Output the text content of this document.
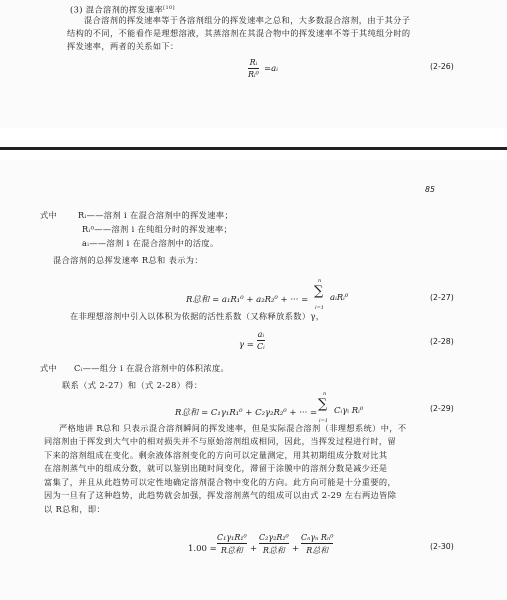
(3) 混合溶剂的挥发速率[10]
混合溶剂的挥发速率等于各溶剂组分的挥发速率之总和，大多数混合溶剂，由于其分子
结构的不同，不能看作是理想溶液，其蒸溶剂在其混合物中的挥发速率不等于其纯组分时的
挥发速率，两者的关系如下：
Rᵢ
Rᵢ⁰
=aᵢ	(2-26)
85
式中	Rᵢ——溶剂 i 在混合溶剂中的挥发速率；
Rᵢ⁰——溶剂 i 在纯组分时的挥发速率；
aᵢ——溶剂 i 在混合溶剂中的活度。
混合溶剂的总挥发速率 R总和 表示为：
R总和 = a₁R₁⁰ + a₂R₂⁰ + ··· =
n
∑
i=1
aᵢRᵢ⁰	(2-27)
在非理想溶剂中引入以体积为依据的活性系数（又称释放系数）γ，
γ =
aᵢ
Cᵢ
(2-28)
式中 Cᵢ——组分 i 在混合溶剂中的体积浓度。
联系（式 2-27）和（式 2-28）得：
R总和 = C₁γ₁R₁⁰ + C₂γ₂R₂⁰ + ··· =
n
∑
i=1
Cᵢγᵢ Rᵢ⁰	(2-29)
严格地讲 R总和 只表示混合溶剂瞬间的挥发速率，但是实际混合溶剂（非理想系统）中，不
同溶剂由于挥发到大气中的相对损失并不与原始溶剂组成相同，因此，当挥发过程进行时，留
下来的溶剂组成在变化。剩余液体溶剂变化的方向可以定量测定，用其初期组成分数对比其
在溶剂蒸气中的组成分数，就可以鉴别出随时间变化，滞留于涂膜中的溶剂分数是减少还是
富集了，并且从此趋势可以定性地确定溶剂混合物中变化的方向。此方向可能是十分重要的，
因为一旦有了这种趋势，此趋势就会加强，挥发溶剂蒸气的组成可以由式 2-29 左右两边皆除
以 R总和，即：
1.00 =
C₁γ₁R₁⁰
R总和 +
C₂γ₂R₂⁰
R总和 +
Cₙγₙ Rₙ⁰
R总和	(2-30)
